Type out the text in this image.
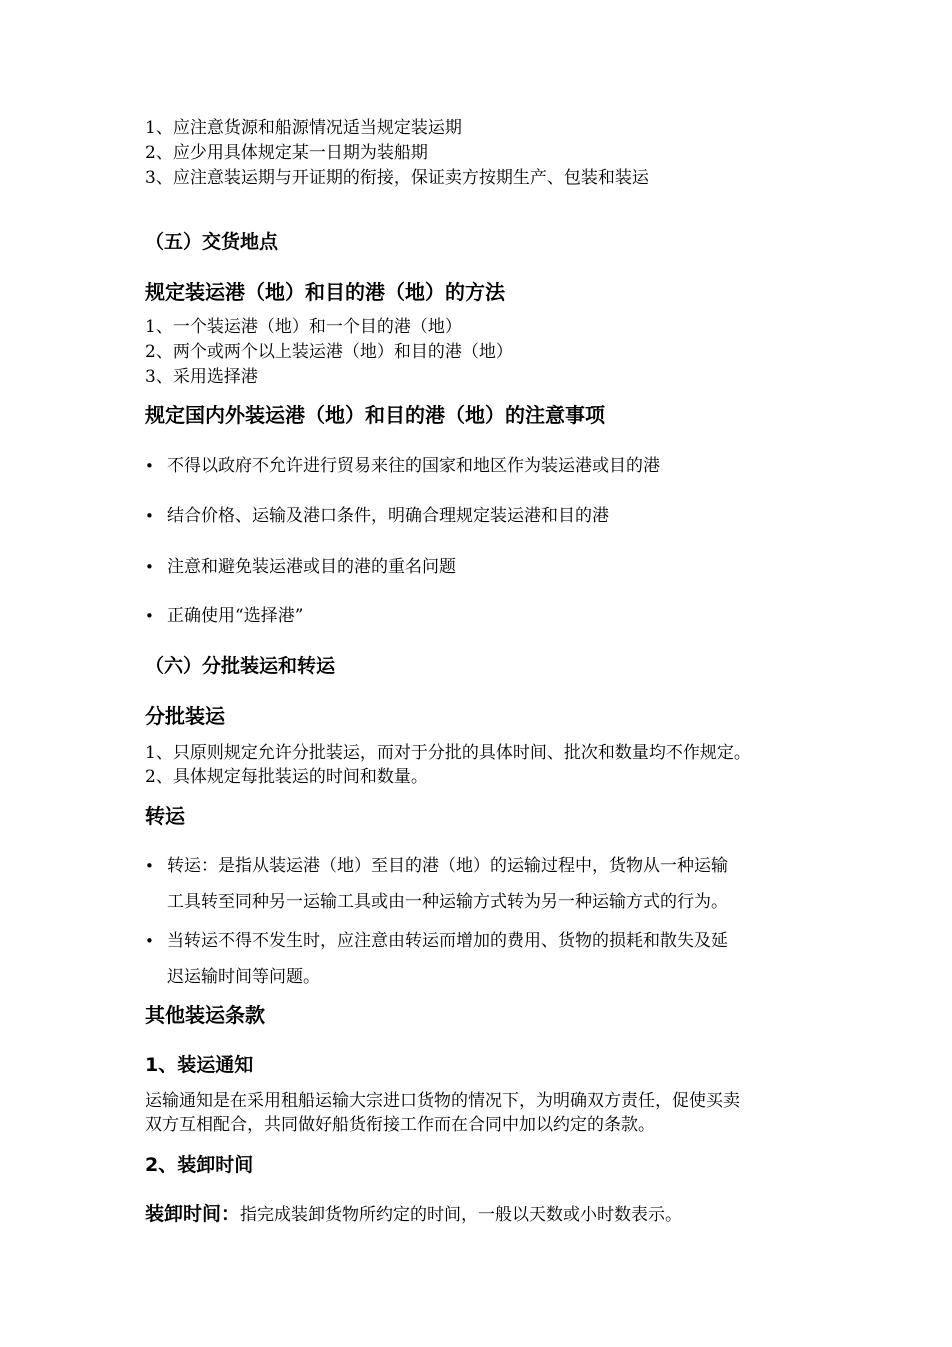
1、应注意货源和船源情况适当规定装运期
2、应少用具体规定某一日期为装船期
3、应注意装运期与开证期的衔接，保证卖方按期生产、包装和装运
（五）交货地点
规定装运港（地）和目的港（地）的方法
1、一个装运港（地）和一个目的港（地）
2、两个或两个以上装运港（地）和目的港（地）
3、采用选择港
规定国内外装运港（地）和目的港（地）的注意事项
• 不得以政府不允许进行贸易来往的国家和地区作为装运港或目的港
• 结合价格、运输及港口条件，明确合理规定装运港和目的港
• 注意和避免装运港或目的港的重名问题
• 正确使用“选择港”
（六）分批装运和转运
分批装运
1、只原则规定允许分批装运，而对于分批的具体时间、批次和数量均不作规定。
2、具体规定每批装运的时间和数量。
转运
• 转运：是指从装运港（地）至目的港（地）的运输过程中，货物从一种运输
工具转至同种另一运输工具或由一种运输方式转为另一种运输方式的行为。
• 当转运不得不发生时，应注意由转运而增加的费用、货物的损耗和散失及延
迟运输时间等问题。
其他装运条款
1、装运通知
运输通知是在采用租船运输大宗进口货物的情况下，为明确双方责任，促使买卖
双方互相配合，共同做好船货衔接工作而在合同中加以约定的条款。
2、装卸时间
装卸时间：指完成装卸货物所约定的时间，一般以天数或小时数表示。
